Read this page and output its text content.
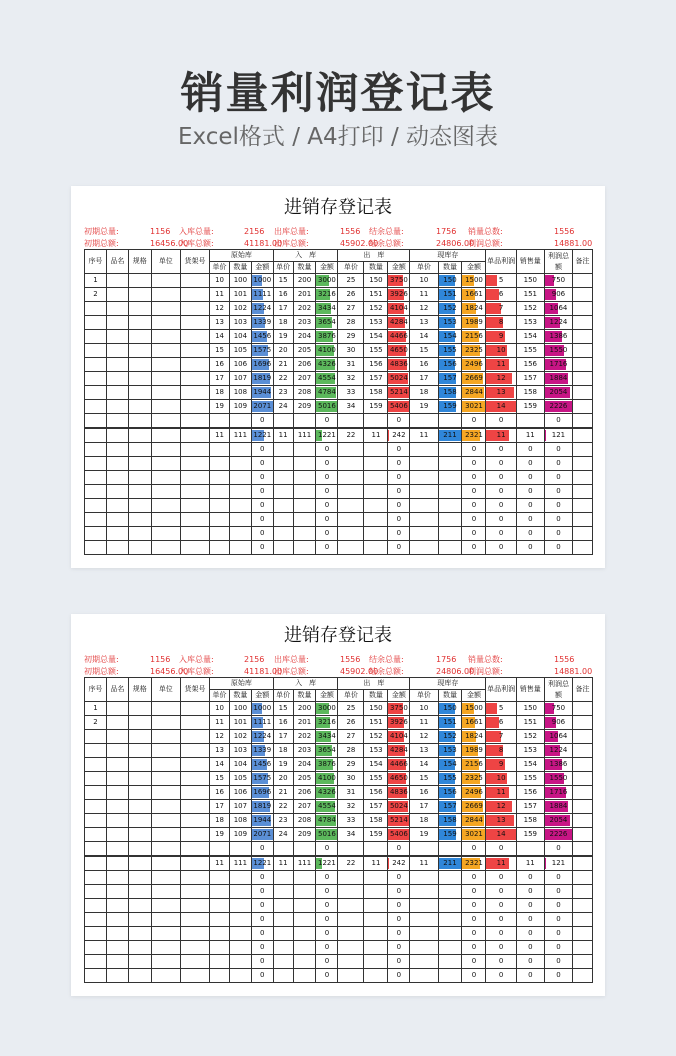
销量利润登记表
Excel格式 / A4打印 / 动态图表
进销存登记表
初期总量:	1156 入库总量:	2156 出库总量:	1556 结余总量:	1756 销量总数:	1556
初期总额:	16456.00
入库总额:	41181.00
出库总额:	45902.00
结余总额:	24806.00
利润总额:	14881.00
序号	品名	规格	单位	货架号	原始库			入　库			出　库			现库存			单品利润	销售量	利润总额	备注
					单价	数量	金额	单价	数量	金额	单价	数量	金额	单价	数量	金额				
1					10	100	1000	15	200	3000	25	150	3750	10	150	1500	5	150	750	
2					11	101	1111	16	201	3216	26	151	3926	11	151	1661	6	151	906	
					12	102	1224	17	202	3434	27	152	4104	12	152	1824	7	152	1064	
					13	103	1339	18	203	3654	28	153	4284	13	153	1989	8	153	1224	
					14	104	1456	19	204	3876	29	154	4466	14	154	2156	9	154	1386	
					15	105	1575	20	205	4100	30	155	4650	15	155	2325	10	155	1550	
					16	106	1696	21	206	4326	31	156	4836	16	156	2496	11	156	1716	
					17	107	1819	22	207	4554	32	157	5024	17	157	2669	12	157	1884	
					18	108	1944	23	208	4784	33	158	5214	18	158	2844	13	158	2054	
					19	109	2071	24	209	5016	34	159	5406	19	159	3021	14	159	2226	
							0			0			0			0	0		0	
					11	111	1221	11	111	1221	22	11	242	11	211	2321	11	11	121	
							0			0			0			0	0	0	0	
							0			0			0			0	0	0	0	
							0			0			0			0	0	0	0	
							0			0			0			0	0	0	0	
							0			0			0			0	0	0	0	
							0			0			0			0	0	0	0	
							0			0			0			0	0	0	0	
							0			0			0			0	0	0	0	
进销存登记表
初期总量:	1156 入库总量:	2156 出库总量:	1556 结余总量:	1756 销量总数:	1556
初期总额:	16456.00
入库总额:	41181.00
出库总额:	45902.00
结余总额:	24806.00
利润总额:	14881.00
序号	品名	规格	单位	货架号	原始库			入　库			出　库			现库存			单品利润	销售量	利润总额	备注
					单价	数量	金额	单价	数量	金额	单价	数量	金额	单价	数量	金额				
1					10	100	1000	15	200	3000	25	150	3750	10	150	1500	5	150	750	
2					11	101	1111	16	201	3216	26	151	3926	11	151	1661	6	151	906	
					12	102	1224	17	202	3434	27	152	4104	12	152	1824	7	152	1064	
					13	103	1339	18	203	3654	28	153	4284	13	153	1989	8	153	1224	
					14	104	1456	19	204	3876	29	154	4466	14	154	2156	9	154	1386	
					15	105	1575	20	205	4100	30	155	4650	15	155	2325	10	155	1550	
					16	106	1696	21	206	4326	31	156	4836	16	156	2496	11	156	1716	
					17	107	1819	22	207	4554	32	157	5024	17	157	2669	12	157	1884	
					18	108	1944	23	208	4784	33	158	5214	18	158	2844	13	158	2054	
					19	109	2071	24	209	5016	34	159	5406	19	159	3021	14	159	2226	
							0			0			0			0	0		0	
					11	111	1221	11	111	1221	22	11	242	11	211	2321	11	11	121	
							0			0			0			0	0	0	0	
							0			0			0			0	0	0	0	
							0			0			0			0	0	0	0	
							0			0			0			0	0	0	0	
							0			0			0			0	0	0	0	
							0			0			0			0	0	0	0	
							0			0			0			0	0	0	0	
							0			0			0			0	0	0	0	
